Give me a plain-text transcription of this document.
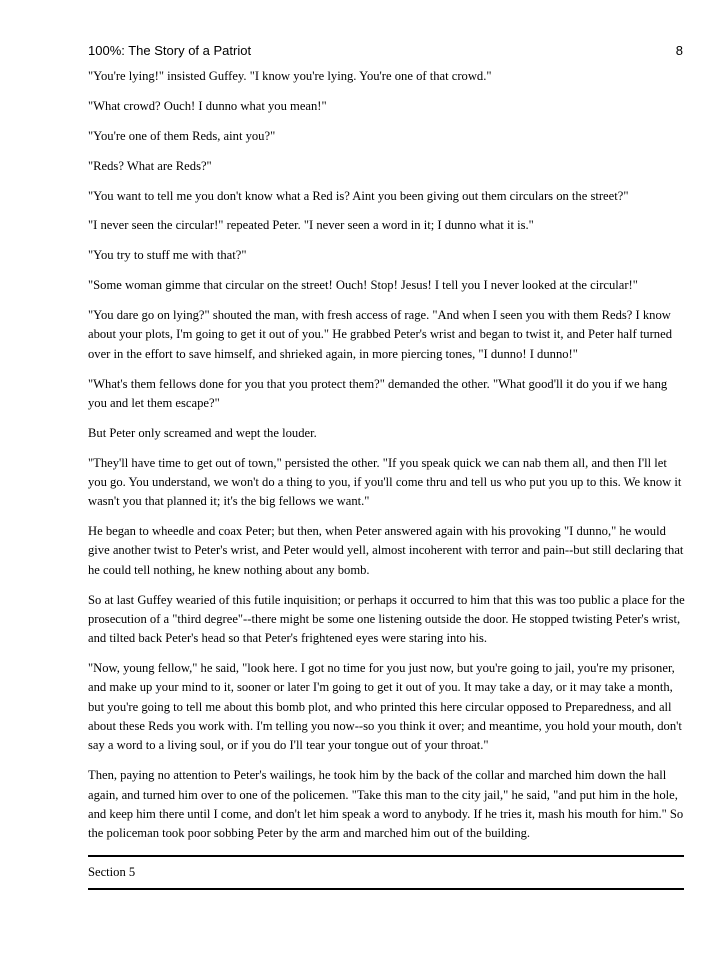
100%: The Story of a Patriot	8

"You're lying!" insisted Guffey. "I know you're lying. You're one of that crowd."

"What crowd? Ouch! I dunno what you mean!"

"You're one of them Reds, aint you?"

"Reds? What are Reds?"

"You want to tell me you don't know what a Red is? Aint you been giving out them circulars on the street?"

"I never seen the circular!" repeated Peter. "I never seen a word in it; I dunno what it is."

"You try to stuff me with that?"

"Some woman gimme that circular on the street! Ouch! Stop! Jesus! I tell you I never looked at the circular!"

"You dare go on lying?" shouted the man, with fresh access of rage. "And when I seen you with them Reds? I know about your plots, I'm going to get it out of you." He grabbed Peter's wrist and began to twist it, and Peter half turned over in the effort to save himself, and shrieked again, in more piercing tones, "I dunno! I dunno!"

"What's them fellows done for you that you protect them?" demanded the other. "What good'll it do you if we hang you and let them escape?"

But Peter only screamed and wept the louder.

"They'll have time to get out of town," persisted the other. "If you speak quick we can nab them all, and then I'll let you go. You understand, we won't do a thing to you, if you'll come thru and tell us who put you up to this. We know it wasn't you that planned it; it's the big fellows we want."

He began to wheedle and coax Peter; but then, when Peter answered again with his provoking "I dunno," he would give another twist to Peter's wrist, and Peter would yell, almost incoherent with terror and pain--but still declaring that he could tell nothing, he knew nothing about any bomb.

So at last Guffey wearied of this futile inquisition; or perhaps it occurred to him that this was too public a place for the prosecution of a "third degree"--there might be some one listening outside the door. He stopped twisting Peter's wrist, and tilted back Peter's head so that Peter's frightened eyes were staring into his.

"Now, young fellow," he said, "look here. I got no time for you just now, but you're going to jail, you're my prisoner, and make up your mind to it, sooner or later I'm going to get it out of you. It may take a day, or it may take a month, but you're going to tell me about this bomb plot, and who printed this here circular opposed to Preparedness, and all about these Reds you work with. I'm telling you now--so you think it over; and meantime, you hold your mouth, don't say a word to a living soul, or if you do I'll tear your tongue out of your throat."

Then, paying no attention to Peter's wailings, he took him by the back of the collar and marched him down the hall again, and turned him over to one of the policemen. "Take this man to the city jail," he said, "and put him in the hole, and keep him there until I come, and don't let him speak a word to anybody. If he tries it, mash his mouth for him." So the policeman took poor sobbing Peter by the arm and marched him out of the building.

Section 5
